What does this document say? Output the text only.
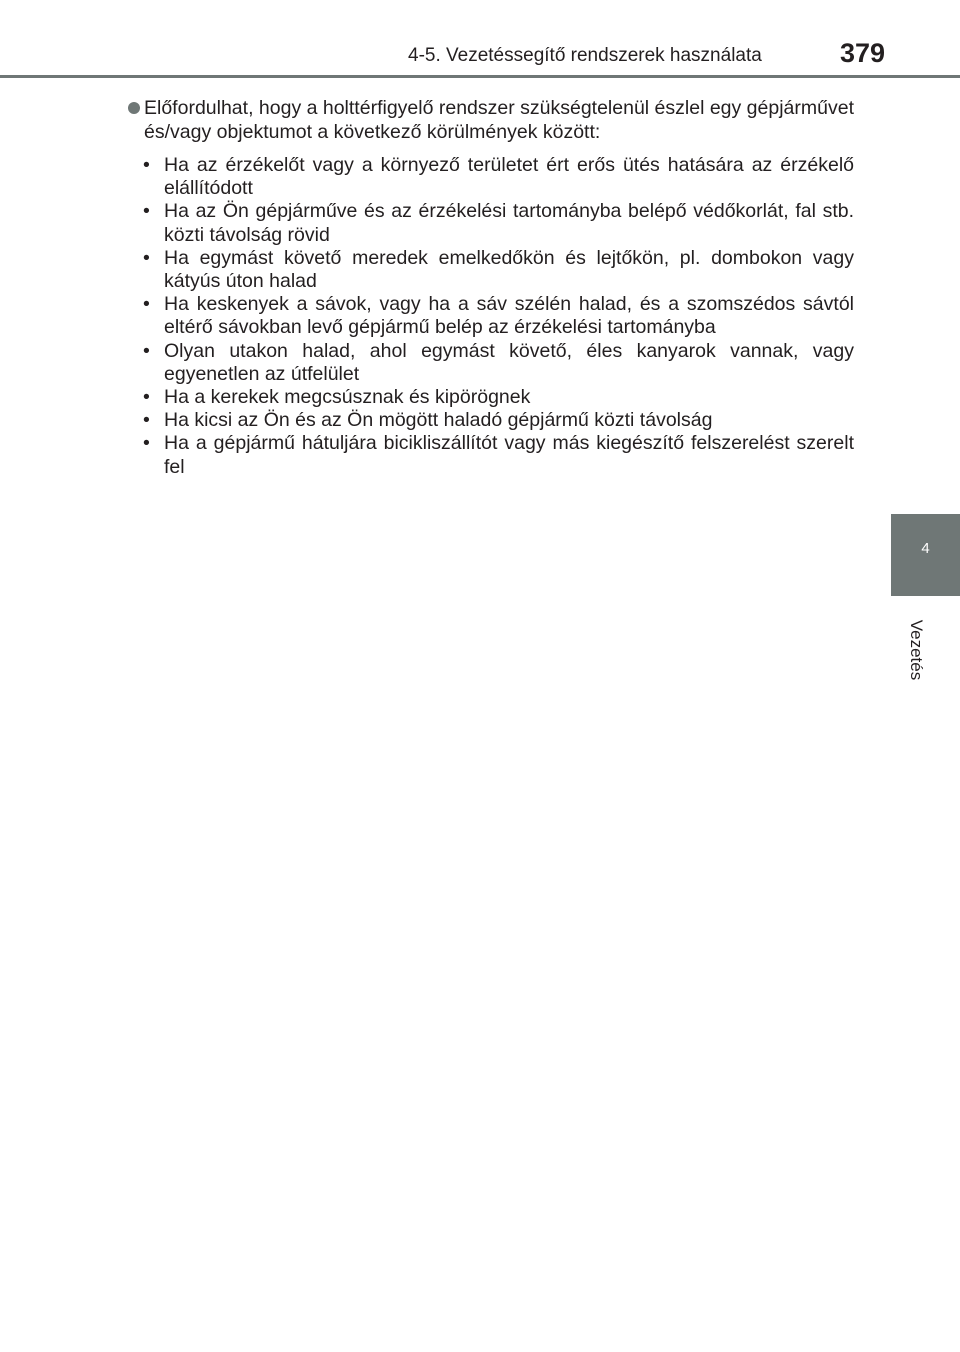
4-5. Vezetéssegítő rendszerek használata	379
4
Vezetés
Előfordulhat, hogy a holttérfigyelő rendszer szükségtelenül észlel egy gépjárművet és/vagy objektumot a következő körülmények között:
• Ha az érzékelőt vagy a környező területet ért erős ütés hatására az érzékelő elállítódott
• Ha az Ön gépjárműve és az érzékelési tartományba belépő védőkorlát, fal stb. közti távolság rövid
• Ha egymást követő meredek emelkedőkön és lejtőkön, pl. dombokon vagy kátyús úton halad
• Ha keskenyek a sávok, vagy ha a sáv szélén halad, és a szomszédos sávtól eltérő sávokban levő gépjármű belép az érzékelési tartományba
• Olyan utakon halad, ahol egymást követő, éles kanyarok vannak, vagy egyenetlen az útfelület
• Ha a kerekek megcsúsznak és kipörögnek
• Ha kicsi az Ön és az Ön mögött haladó gépjármű közti távolság
• Ha a gépjármű hátuljára bicikliszállítót vagy más kiegészítő felszerelést szerelt fel
